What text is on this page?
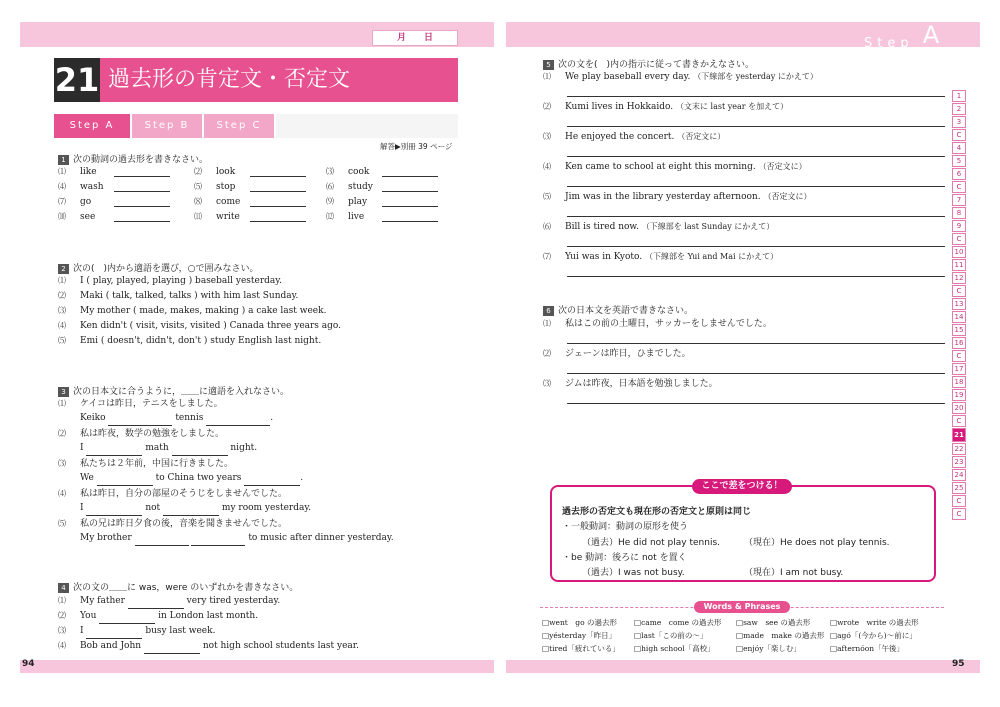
月　　日
21 過去形の肯定文・否定文
Step A	Step B	Step C
解答▶別冊 39 ページ
1 次の動詞の過去形を書きなさい。
⑴ like	⑵ look	⑶ cook
⑷ wash	⑸ stop	⑹ study
⑺ go	⑻ come	⑼ play
⑽ see	⑾ write	⑿ live
2 次の(　)内から適語を選び，○で囲みなさい。
⑴ I ( play, played, playing ) baseball yesterday.
⑵ Maki ( talk, talked, talks ) with him last Sunday.
⑶ My mother ( made, makes, making ) a cake last week.
⑷ Ken didn't ( visit, visits, visited ) Canada three years ago.
⑸ Emi ( doesn't, didn't, don't ) study English last night.
3 次の日本文に合うように，＿＿に適語を入れなさい。
⑴ ケイコは昨日，テニスをしました。
Keiko	tennis	.
⑵ 私は昨夜，数学の勉強をしました。
I	math	night.
⑶ 私たちは２年前，中国に行きました。
We	to China two years	.
⑷ 私は昨日，自分の部屋のそうじをしませんでした。
I	not	my room yesterday.
⑸ 私の兄は昨日夕食の後，音楽を聞きませんでした。
My brother	to music after dinner yesterday.
4 次の文の＿＿に was，were のいずれかを書きなさい。
⑴ My father	very tired yesterday.
⑵ You	in London last month.
⑶ I	busy last week.
⑷ Bob and John	not high school students last year.
94
Step A
5 次の文を(　)内の指示に従って書きかえなさい。
⑴ We play baseball every day. （下線部を yesterday にかえて）
⑵ Kumi lives in Hokkaido. （文末に last year を加えて）
⑶ He enjoyed the concert. （否定文に）
⑷ Ken came to school at eight this morning. （否定文に）
⑸ Jim was in the library yesterday afternoon. （否定文に）
⑹ Bill is tired now. （下線部を last Sunday にかえて）
⑺ Yui was in Kyoto. （下線部を Yui and Mai にかえて）
6 次の日本文を英語で書きなさい。
⑴ 私はこの前の土曜日，サッカーをしませんでした。
⑵ ジェーンは昨日，ひまでした。
⑶ ジムは昨夜，日本語を勉強しました。
ここで差をつける！
過去形の否定文も現在形の否定文と原則は同じ
・一般動詞：動詞の原形を使う
（過去）He did not play tennis.	（現在）He does not play tennis.
・be 動詞：後ろに not を置く
（過去）I was not busy.	（現在）I am not busy.
Words & Phrases
□went　go の過去形 □came　come の過去形 □saw　see の過去形	□wrote　write の過去形
□yésterday「昨日」 □last「この前の〜」	□made　make の過去形 □agó「(今から)〜前に」
□tired「疲れている」 □high school「高校」	□enjóy「楽しむ」	□afternóon「午後」
95
1
2
3
C
4
5
6
C
7
8
9
C
10
11
12
C
13
14
15
16
C
17
18
19
20
C
21
22
23
24
25
C
C
